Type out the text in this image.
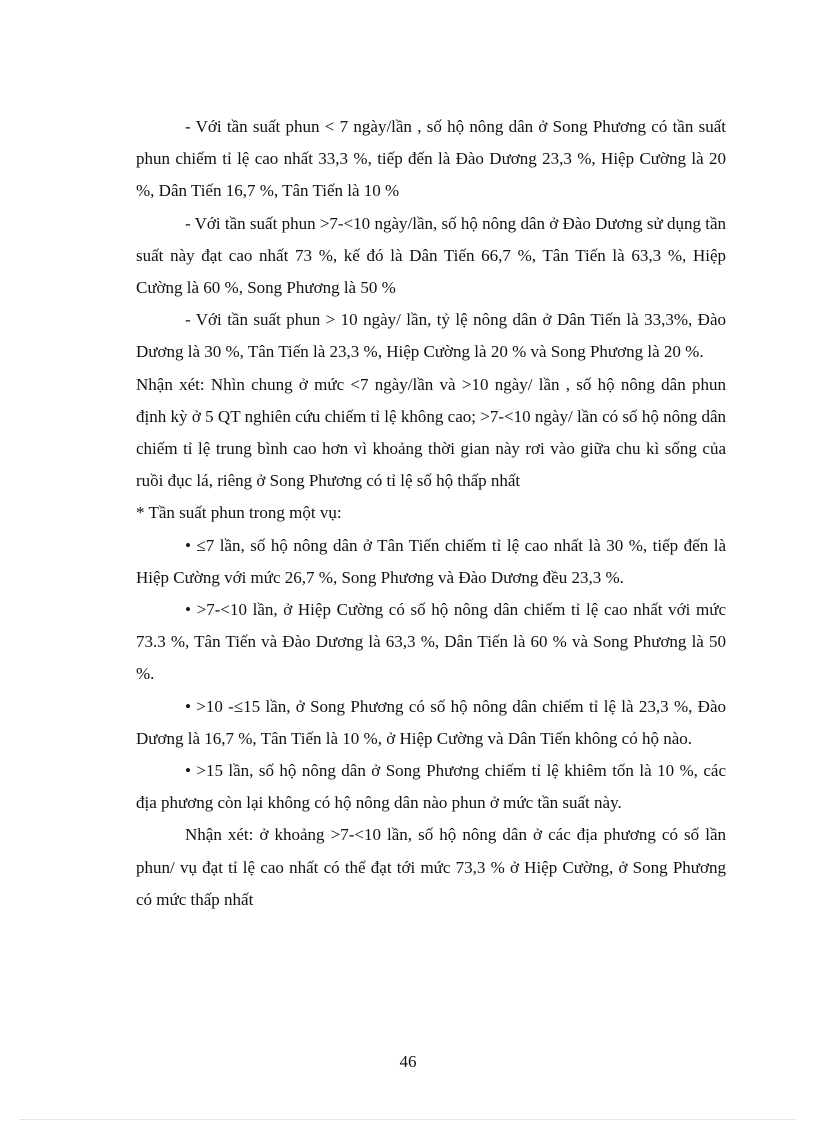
- Với tần suất phun < 7 ngày/lần , số hộ nông dân ở Song Phương có tần suất phun chiếm tỉ lệ cao nhất 33,3 %, tiếp đến là Đào Dương 23,3 %, Hiệp Cường là 20 %, Dân Tiến 16,7 %, Tân Tiến là 10 %

- Với tần suất phun >7-<10 ngày/lần, số hộ nông dân ở Đào Dương sử dụng tần suất này đạt cao nhất 73 %, kế đó là Dân Tiến 66,7 %, Tân Tiến là 63,3 %, Hiệp Cường là 60 %, Song Phương là 50 %

- Với tần suất phun > 10 ngày/ lần, tỷ lệ nông dân ở Dân Tiến là 33,3%, Đào Dương là 30 %, Tân Tiến là 23,3 %, Hiệp Cường là 20 % và Song Phương là 20 %.

Nhận xét: Nhìn chung ở mức <7 ngày/lần và >10 ngày/ lần , số hộ nông dân phun định kỳ ở 5 QT nghiên cứu chiếm tỉ lệ không cao; >7-<10 ngày/ lần có số hộ nông dân chiếm tỉ lệ trung bình cao hơn vì khoảng thời gian này rơi vào giữa chu kì sống của ruồi đục lá, riêng ở Song Phương có tỉ lệ số hộ thấp nhất

* Tần suất phun trong một vụ:

• ≤7 lần, số hộ nông dân ở Tân Tiến chiếm tỉ lệ cao nhất là 30 %, tiếp đến là Hiệp Cường với mức 26,7 %, Song Phương và Đào Dương đều 23,3 %.

• >7-<10 lần, ở Hiệp Cường có số hộ nông dân chiếm tỉ lệ cao nhất với mức 73.3 %, Tân Tiến và Đào Dương là 63,3 %, Dân Tiến là 60 % và Song Phương là 50 %.

• >10 -≤15 lần, ở Song Phương có số hộ nông dân chiếm tỉ lệ là 23,3 %, Đào Dương là 16,7 %, Tân Tiến là 10 %, ở Hiệp Cường và Dân Tiến không có hộ nào.

• >15 lần, số hộ nông dân ở Song Phương chiếm tỉ lệ khiêm tốn là 10 %, các địa phương còn lại không có hộ nông dân nào phun ở mức tần suất này.

Nhận xét: ở khoảng >7-<10 lần, số hộ nông dân ở các địa phương có số lần phun/ vụ đạt tỉ lệ cao nhất có thể đạt tới mức 73,3 % ở Hiệp Cường, ở Song Phương có mức thấp nhất

46
